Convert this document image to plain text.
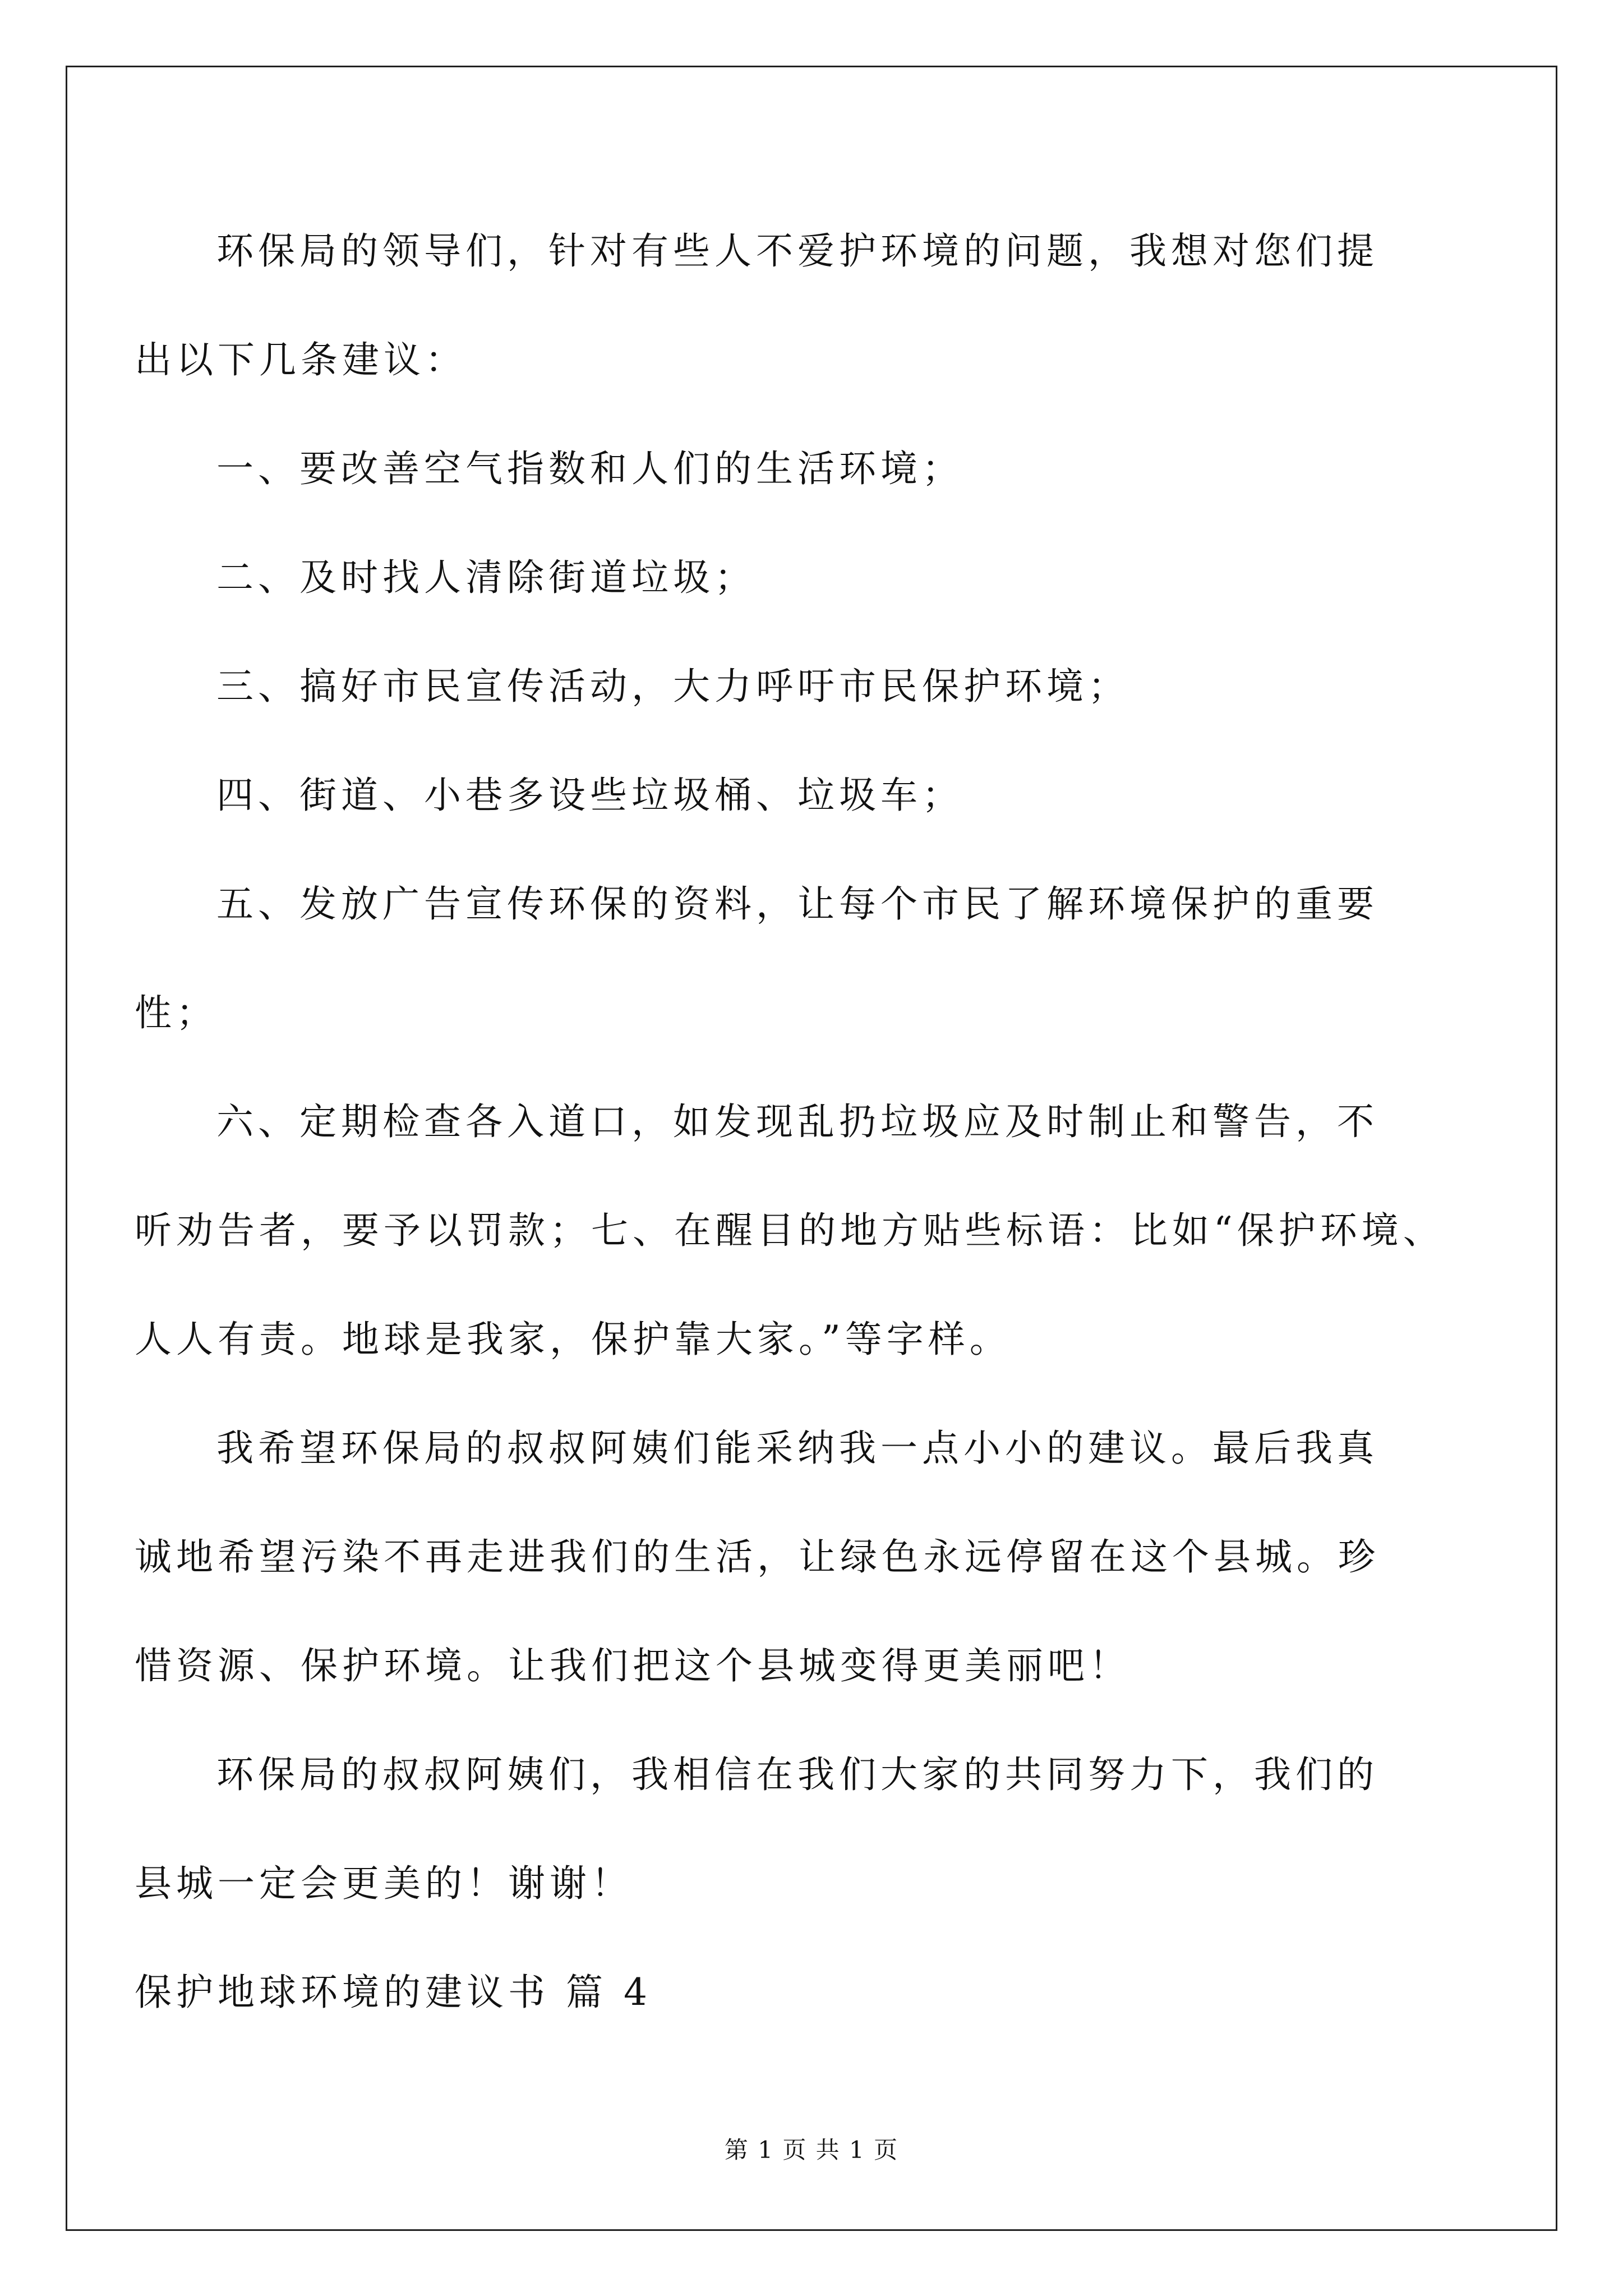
环保局的领导们，针对有些人不爱护环境的问题，我想对您们提
出以下几条建议：
一、要改善空气指数和人们的生活环境；
二、及时找人清除街道垃圾；
三、搞好市民宣传活动，大力呼吁市民保护环境；
四、街道、小巷多设些垃圾桶、垃圾车；
五、发放广告宣传环保的资料，让每个市民了解环境保护的重要
性；
六、定期检查各入道口，如发现乱扔垃圾应及时制止和警告，不
听劝告者，要予以罚款；七、在醒目的地方贴些标语：比如“保护环境、
人人有责。地球是我家，保护靠大家。”等字样。
我希望环保局的叔叔阿姨们能采纳我一点小小的建议。最后我真
诚地希望污染不再走进我们的生活，让绿色永远停留在这个县城。珍
惜资源、保护环境。让我们把这个县城变得更美丽吧！
环保局的叔叔阿姨们，我相信在我们大家的共同努力下，我们的
县城一定会更美的！谢谢！
保护地球环境的建议书 篇 4
第 1 页 共 1 页
